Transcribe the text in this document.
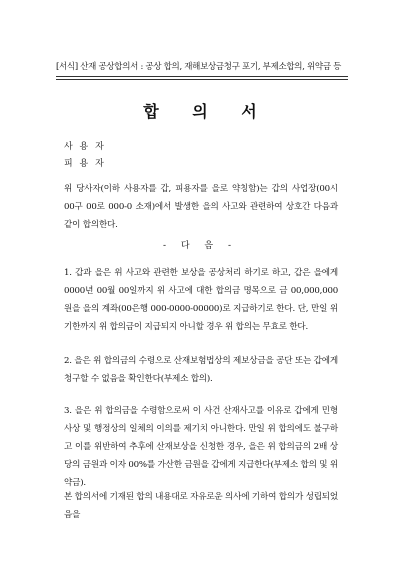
[서식] 산재 공상합의서 : 공상 합의, 재해보상금청구 포기, 부제소합의, 위약금 등
합 의 서
사 용 자
피 용 자
위 당사자(이하 사용자를 갑, 피용자를 을로 약칭함)는 갑의 사업장(00시 00구 00로 000-0 소재)에서 발생한 을의 사고와 관련하여 상호간 다음과 같이 합의한다.
- 다 음 -
1. 갑과 을은 위 사고와 관련한 보상을 공상처리 하기로 하고, 갑은 을에게 0000년 00월 00일까지 위 사고에 대한 합의금 명목으로 금 00,000,000원을 을의 계좌(00은행 000-0000-00000)로 지급하기로 한다. 단, 만일 위 기한까지 위 합의금이 지급되지 아니할 경우 위 합의는 무효로 한다.
2. 을은 위 합의금의 수령으로 산재보험법상의 제보상금을 공단 또는 갑에게 청구할 수 없음을 확인한다(부제소 합의).
3. 을은 위 합의금을 수령함으로써 이 사건 산재사고를 이유로 갑에게 민형사상 및 행정상의 일체의 이의를 제기치 아니한다. 만일 위 합의에도 불구하고 이를 위반하여 추후에 산재보상을 신청한 경우, 을은 위 합의금의 2배 상당의 금원과 이자 00%를 가산한 금원을 갑에게 지급한다(부제소 합의 및 위약금).
본 합의서에 기재된 합의 내용대로 자유로운 의사에 기하여 합의가 성립되었음을
